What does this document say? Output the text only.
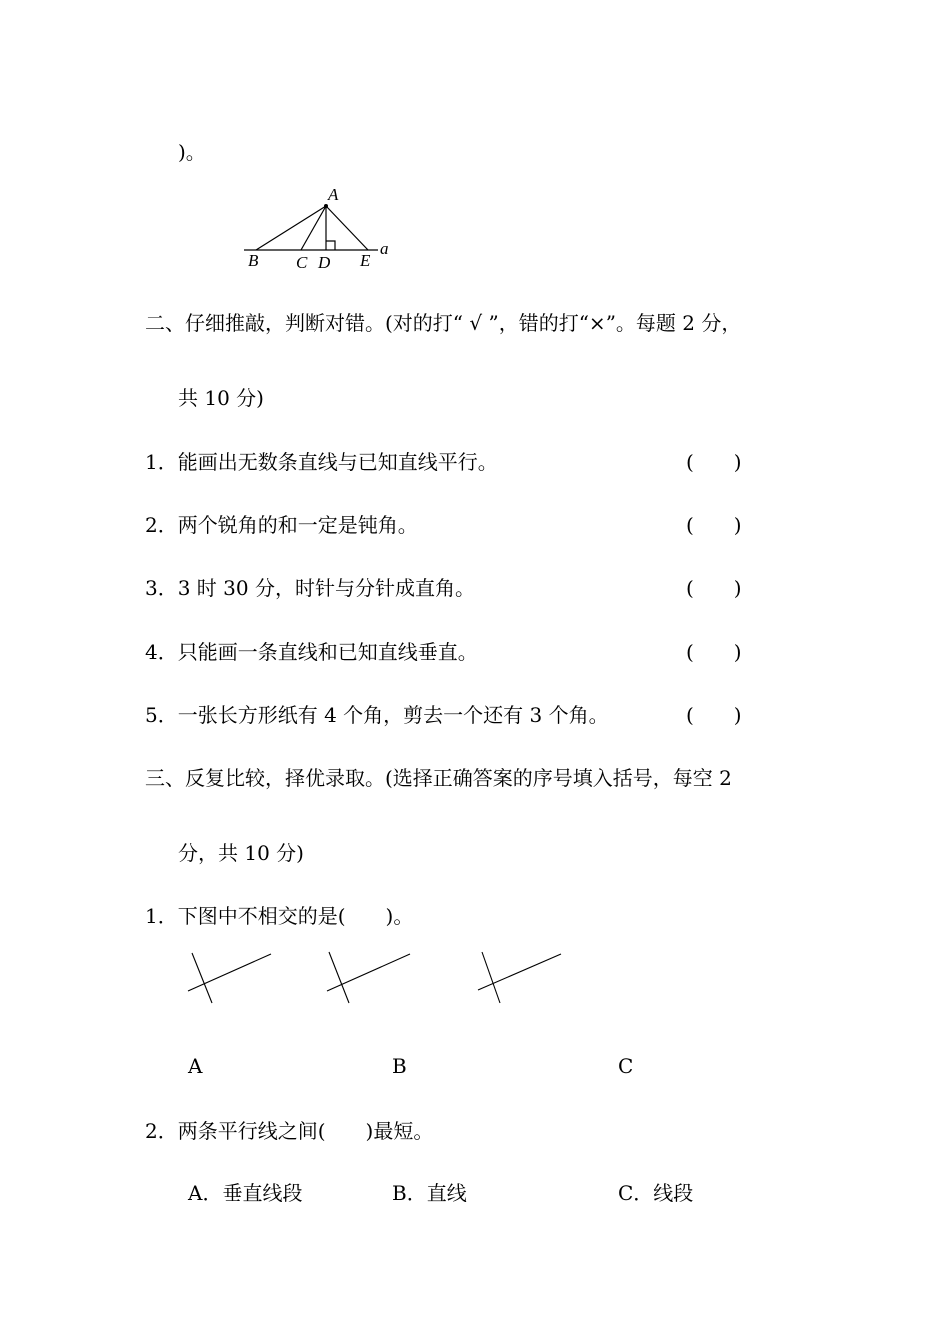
)。
A
B C D E
a
二、仔细推敲，判断对错。(对的打“ √ ”，错的打“×”。每题 2 分，
共 10 分)
1．能画出无数条直线与已知直线平行。	(　　)
2．两个锐角的和一定是钝角。	(　　)
3．3 时 30 分，时针与分针成直角。	(　　)
4．只能画一条直线和已知直线垂直。	(　　)
5．一张长方形纸有 4 个角，剪去一个还有 3 个角。	(　　)
三、反复比较，择优录取。(选择正确答案的序号填入括号，每空 2
分，共 10 分)
1．下图中不相交的是(　　)。
A	B	C
2．两条平行线之间(　　)最短。
A．垂直线段	B．直线	C．线段
